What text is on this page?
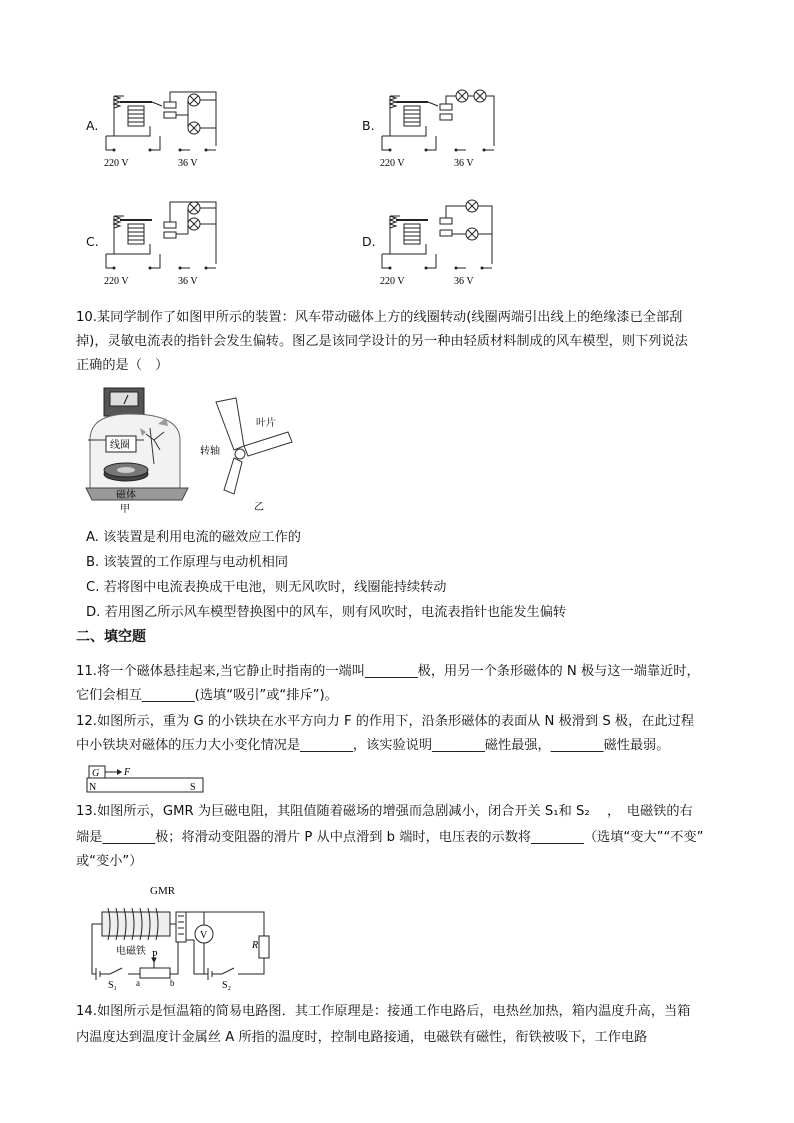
A.
220 V	36 V
B.
220 V	36 V
C.
220 V	36 V
D.
220 V	36 V
10.某同学制作了如图甲所示的装置：风车带动磁体上方的线圈转动(线圈两端引出线上的绝缘漆已全部刮
掉)，灵敏电流表的指针会发生偏转。图乙是该同学设计的另一种由轻质材料制成的风车模型，则下列说法
正确的是（　）
线圈
磁体
甲
叶片
转轴
乙
A. 该装置是利用电流的磁效应工作的
B. 该装置的工作原理与电动机相同
C. 若将图中电流表换成干电池，则无风吹时，线圈能持续转动
D. 若用图乙所示风车模型替换图中的风车，则有风吹时，电流表指针也能发生偏转
二、填空题
11.将一个磁体悬挂起来,当它静止时指南的一端叫________极，用另一个条形磁体的 N 极与这一端靠近时，
它们会相互________(选填“吸引”或“排斥”)。
12.如图所示，重为 G 的小铁块在水平方向力 F 的作用下，沿条形磁体的表面从 N 极滑到 S 极，在此过程
中小铁块对磁体的压力大小变化情况是________，该实验说明________磁性最强，________磁性最弱。
G F
N	S
13.如图所示，GMR 为巨磁电阻，其阻值随着磁场的增强而急剧减小，闭合开关 S₁和 S₂ 　，　电磁铁的右
端是________极；将滑动变阻器的滑片 P 从中点滑到 b 端时，电压表的示数将________（选填“变大”“不变”
或“变小”）
GMR
电磁铁
V
R
P
a	b
S₁	S₂
14.如图所示是恒温箱的简易电路图．其工作原理是：接通工作电路后，电热丝加热，箱内温度升高，当箱
内温度达到温度计金属丝 A 所指的温度时，控制电路接通，电磁铁有磁性，衔铁被吸下，工作电路
